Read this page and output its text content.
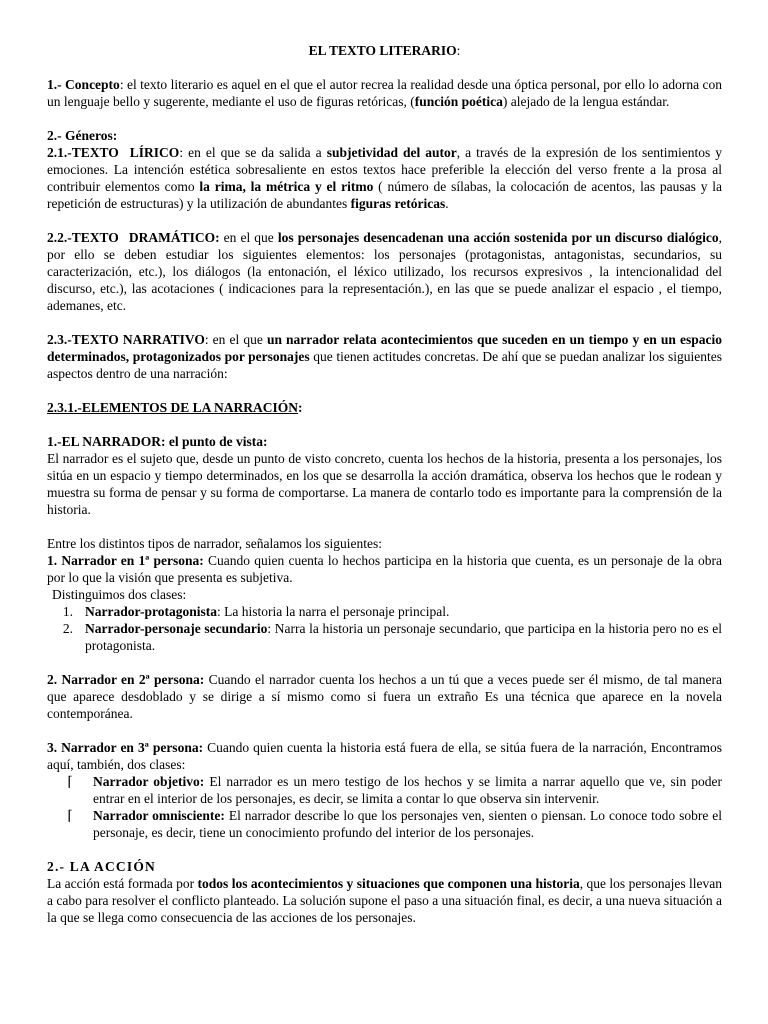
EL TEXTO LITERARIO:

1.- Concepto: el texto literario es aquel en el que el autor recrea la realidad desde una óptica personal, por ello lo adorna con un lenguaje bello y sugerente, mediante el uso de figuras retóricas, (función poética) alejado de la lengua estándar.

2.- Géneros:

2.1.-TEXTO LÍRICO: en el que se da salida a subjetividad del autor, a través de la expresión de los sentimientos y emociones. La intención estética sobresaliente en estos textos hace preferible la elección del verso frente a la prosa al contribuir elementos como la rima, la métrica y el ritmo ( número de sílabas, la colocación de acentos, las pausas y la repetición de estructuras) y la utilización de abundantes figuras retóricas.

2.2.-TEXTO DRAMÁTICO: en el que los personajes desencadenan una acción sostenida por un discurso dialógico, por ello se deben estudiar los siguientes elementos: los personajes (protagonistas, antagonistas, secundarios, su caracterización, etc.), los diálogos (la entonación, el léxico utilizado, los recursos expresivos , la intencionalidad del discurso, etc.), las acotaciones ( indicaciones para la representación.), en las que se puede analizar el espacio , el tiempo, ademanes, etc.

2.3.-TEXTO NARRATIVO: en el que un narrador relata acontecimientos que suceden en un tiempo y en un espacio determinados, protagonizados por personajes que tienen actitudes concretas. De ahí que se puedan analizar los siguientes aspectos dentro de una narración:

2.3.1.-ELEMENTOS DE LA NARRACIÓN:

1.-EL NARRADOR: el punto de vista:

El narrador es el sujeto que, desde un punto de visto concreto, cuenta los hechos de la historia, presenta a los personajes, los sitúa en un espacio y tiempo determinados, en los que se desarrolla la acción dramática, observa los hechos que le rodean y muestra su forma de pensar y su forma de comportarse. La manera de contarlo todo es importante para la comprensión de la historia.

Entre los distintos tipos de narrador, señalamos los siguientes:

1. Narrador en 1ª persona: Cuando quien cuenta lo hechos participa en la historia que cuenta, es un personaje de la obra por lo que la visión que presenta es subjetiva.

Distinguimos dos clases:

1. Narrador-protagonista: La historia la narra el personaje principal.
2. Narrador-personaje secundario: Narra la historia un personaje secundario, que participa en la historia pero no es el protagonista.

2. Narrador en 2ª persona: Cuando el narrador cuenta los hechos a un tú que a veces puede ser él mismo, de tal manera que aparece desdoblado y se dirige a sí mismo como si fuera un extraño Es una técnica que aparece en la novela contemporánea.

3. Narrador en 3ª persona: Cuando quien cuenta la historia está fuera de ella, se sitúa fuera de la narración, Encontramos aquí, también, dos clases:

⌈	Narrador objetivo: El narrador es un mero testigo de los hechos y se limita a narrar aquello que ve, sin poder entrar en el interior de los personajes, es decir, se limita a contar lo que observa sin intervenir.
⌈	Narrador omnisciente: El narrador describe lo que los personajes ven, sienten o piensan. Lo conoce todo sobre el personaje, es decir, tiene un conocimiento profundo del interior de los personajes.

2.- LA ACCIÓN

La acción está formada por todos los acontecimientos y situaciones que componen una historia, que los personajes llevan a cabo para resolver el conflicto planteado. La solución supone el paso a una situación final, es decir, a una nueva situación a la que se llega como consecuencia de las acciones de los personajes.
